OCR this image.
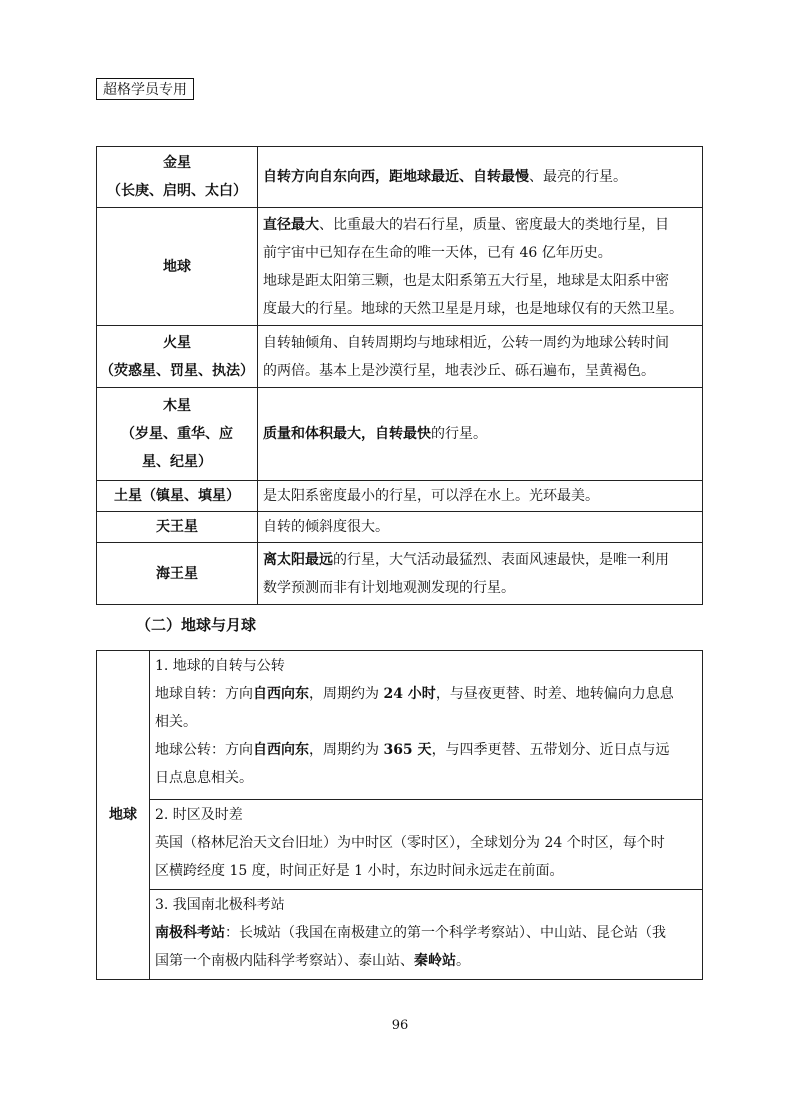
超格学员专用
金星
（长庚、启明、太白）	自转方向自东向西，距地球最近、自转最慢、最亮的行星。

地球	直径最大、比重最大的岩石行星，质量、密度最大的类地行星，目
前宇宙中已知存在生命的唯一天体，已有 46 亿年历史。
地球是距太阳第三颗，也是太阳系第五大行星，地球是太阳系中密
度最大的行星。地球的天然卫星是月球，也是地球仅有的天然卫星。

火星
（荧惑星、罚星、执法）	自转轴倾角、自转周期均与地球相近，公转一周约为地球公转时间
的两倍。基本上是沙漠行星，地表沙丘、砾石遍布，呈黄褐色。

木星
（岁星、重华、应星、纪星）	质量和体积最大，自转最快的行星。

土星（镇星、填星）	是太阳系密度最小的行星，可以浮在水上。光环最美。

天王星	自转的倾斜度很大。

海王星	离太阳最远的行星，大气活动最猛烈、表面风速最快，是唯一利用
数学预测而非有计划地观测发现的行星。
（二）地球与月球
地球	
1. 地球的自转与公转
地球自转：方向自西向东，周期约为 24 小时，与昼夜更替、时差、地转偏向力息息
相关。
地球公转：方向自西向东，周期约为 365 天，与四季更替、五带划分、近日点与远
日点息息相关。

2. 时区及时差
英国（格林尼治天文台旧址）为中时区（零时区），全球划分为 24 个时区，每个时
区横跨经度 15 度，时间正好是 1 小时，东边时间永远走在前面。

3. 我国南北极科考站
南极科考站：长城站（我国在南极建立的第一个科学考察站）、中山站、昆仑站（我
国第一个南极内陆科学考察站）、泰山站、秦岭站。
96
